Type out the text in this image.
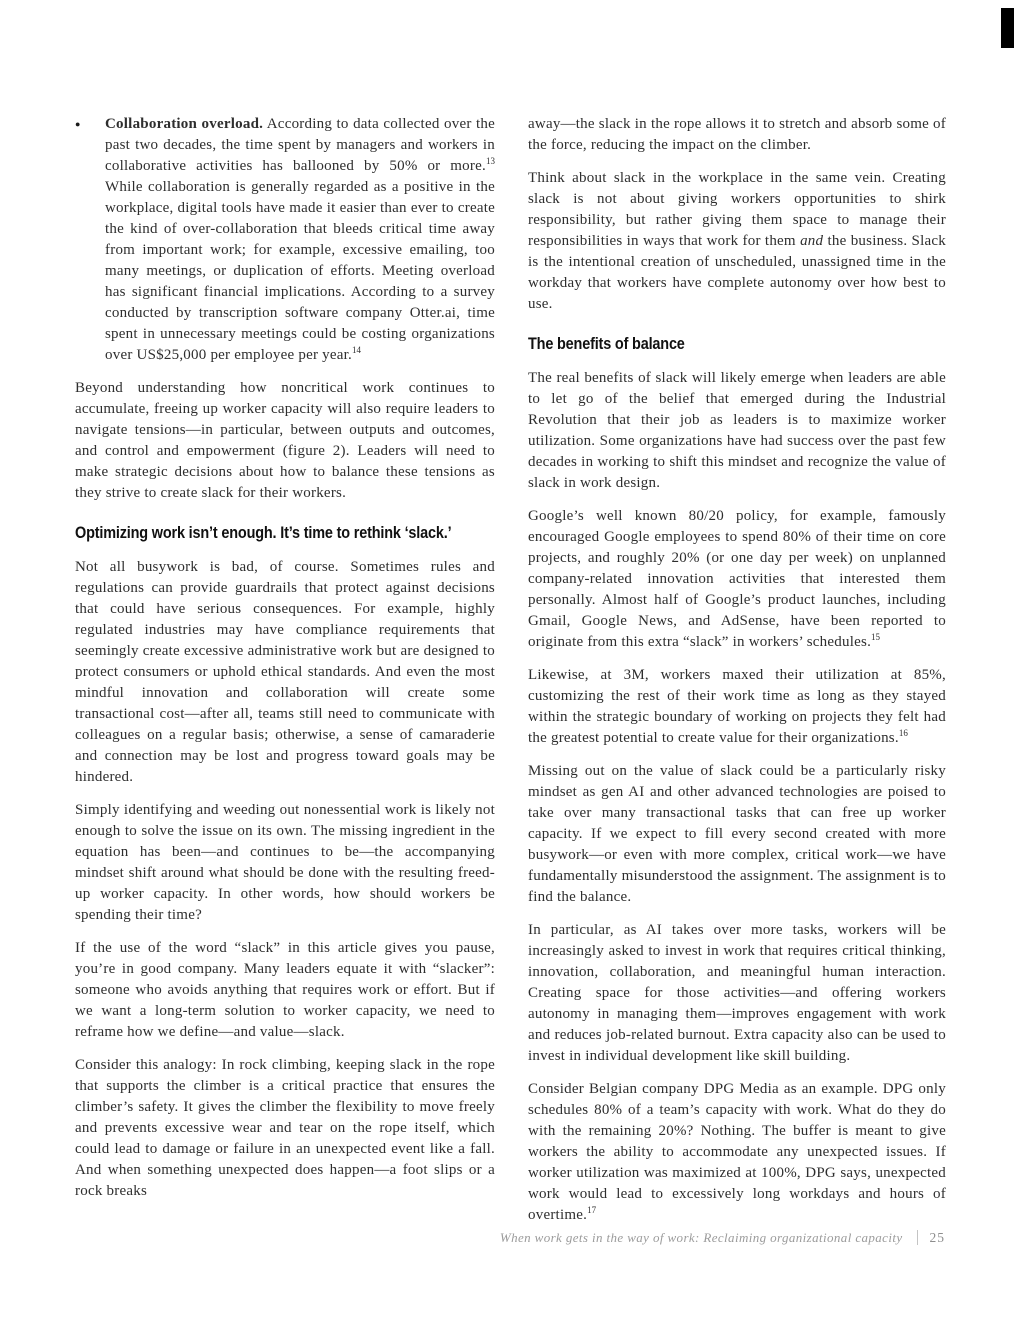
●	Collaboration overload. According to data collected over the past two decades, the time spent by managers and workers in collaborative activities has ballooned by 50% or more.$^{13}$ While collaboration is generally regarded as a positive in the workplace, digital tools have made it easier than ever to create the kind of over-collaboration that bleeds critical time away from important work; for example, excessive emailing, too many meetings, or duplication of efforts. Meeting overload has significant financial implications. According to a survey conducted by transcription software company Otter.ai, time spent in unnecessary meetings could be costing organizations over US$25,000 per employee per year.$^{14}$

Beyond understanding how noncritical work continues to accumulate, freeing up worker capacity will also require leaders to navigate tensions—in particular, between outputs and outcomes, and control and empowerment (figure 2). Leaders will need to make strategic decisions about how to balance these tensions as they strive to create slack for their workers.

Optimizing work isn’t enough. It’s time to rethink ‘slack.’

Not all busywork is bad, of course. Sometimes rules and regulations can provide guardrails that protect against decisions that could have serious consequences. For example, highly regulated industries may have compliance requirements that seemingly create excessive administrative work but are designed to protect consumers or uphold ethical standards. And even the most mindful innovation and collaboration will create some transactional cost—after all, teams still need to communicate with colleagues on a regular basis; otherwise, a sense of camaraderie and connection may be lost and progress toward goals may be hindered.

Simply identifying and weeding out nonessential work is likely not enough to solve the issue on its own. The missing ingredient in the equation has been—and continues to be—the accompanying mindset shift around what should be done with the resulting freed-up worker capacity. In other words, how should workers be spending their time?

If the use of the word “slack” in this article gives you pause, you’re in good company. Many leaders equate it with “slacker”: someone who avoids anything that requires work or effort. But if we want a long-term solution to worker capacity, we need to reframe how we define—and value—slack.

Consider this analogy: In rock climbing, keeping slack in the rope that supports the climber is a critical practice that ensures the climber’s safety. It gives the climber the flexibility to move freely and prevents excessive wear and tear on the rope itself, which could lead to damage or failure in an unexpected event like a fall. And when something unexpected does happen—a foot slips or a rock breaks

away—the slack in the rope allows it to stretch and absorb some of the force, reducing the impact on the climber.

Think about slack in the workplace in the same vein. Creating slack is not about giving workers opportunities to shirk responsibility, but rather giving them space to manage their responsibilities in ways that work for them and the business. Slack is the intentional creation of unscheduled, unassigned time in the workday that workers have complete autonomy over how best to use.

The benefits of balance

The real benefits of slack will likely emerge when leaders are able to let go of the belief that emerged during the Industrial Revolution that their job as leaders is to maximize worker utilization. Some organizations have had success over the past few decades in working to shift this mindset and recognize the value of slack in work design.

Google’s well known 80/20 policy, for example, famously encouraged Google employees to spend 80% of their time on core projects, and roughly 20% (or one day per week) on unplanned company-related innovation activities that interested them personally. Almost half of Google’s product launches, including Gmail, Google News, and AdSense, have been reported to originate from this extra “slack” in workers’ schedules.$^{15}$

Likewise, at 3M, workers maxed their utilization at 85%, customizing the rest of their work time as long as they stayed within the strategic boundary of working on projects they felt had the greatest potential to create value for their organizations.$^{16}$

Missing out on the value of slack could be a particularly risky mindset as gen AI and other advanced technologies are poised to take over many transactional tasks that can free up worker capacity. If we expect to fill every second created with more busywork—or even with more complex, critical work—we have fundamentally misunderstood the assignment. The assignment is to find the balance.

In particular, as AI takes over more tasks, workers will be increasingly asked to invest in work that requires critical thinking, innovation, collaboration, and meaningful human interaction. Creating space for those activities—and offering workers autonomy in managing them—improves engagement with work and reduces job-related burnout. Extra capacity also can be used to invest in individual development like skill building.

Consider Belgian company DPG Media as an example. DPG only schedules 80% of a team’s capacity with work. What do they do with the remaining 20%? Nothing. The buffer is meant to give workers the ability to accommodate any unexpected issues. If worker utilization was maximized at 100%, DPG says, unexpected work would lead to excessively long workdays and hours of overtime.$^{17}$

When work gets in the way of work: Reclaiming organizational capacity 25
